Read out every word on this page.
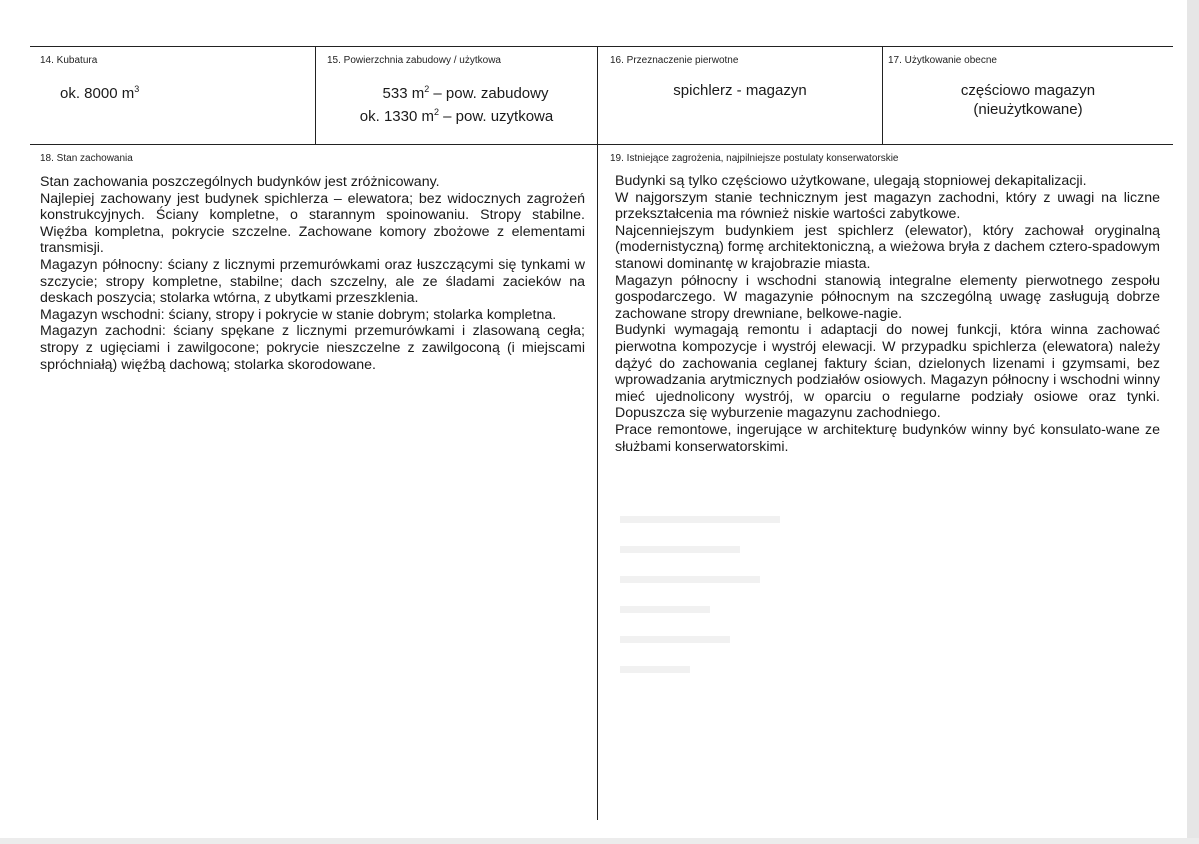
14. Kubatura
ok. 8000 $m^3$
15. Powierzchnia zabudowy / użytkowa
533 $m^2$ – pow. zabudowy
ok. 1330 $m^2$ – pow. uzytkowa
16. Przeznaczenie pierwotne
spichlerz - magazyn
17. Użytkowanie obecne
częściowo magazyn
(nieużytkowane)
18. Stan zachowania

Stan zachowania poszczególnych budynków jest zróżnicowany.

Najlepiej zachowany jest budynek spichlerza – elewatora; bez widocznych zagrożeń konstrukcyjnych. Ściany kompletne, o starannym spoinowaniu. Stropy stabilne. Więźba kompletna, pokrycie szczelne. Zachowane komory zbożowe z elementami transmisji.

Magazyn północny: ściany z licznymi przemurówkami oraz łuszczącymi się tynkami w szczycie; stropy kompletne, stabilne; dach szczelny, ale ze śladami zacieków na deskach poszycia; stolarka wtórna, z ubytkami przeszklenia.

Magazyn wschodni: ściany, stropy i pokrycie w stanie dobrym; stolarka kompletna.

Magazyn zachodni: ściany spękane z licznymi przemurówkami i zlasowaną cegła; stropy z ugięciami i zawilgocone; pokrycie nieszczelne z zawilgoconą (i miejscami spróchniałą) więźbą dachową; stolarka skorodowane.

19. Istniejące zagrożenia, najpilniejsze postulaty konserwatorskie

Budynki są tylko częściowo użytkowane, ulegają stopniowej dekapitalizacji.

W najgorszym stanie technicznym jest magazyn zachodni, który z uwagi na liczne przekształcenia ma również niskie wartości zabytkowe.

Najcenniejszym budynkiem jest spichlerz (elewator), który zachował oryginalną (modernistyczną) formę architektoniczną, a wieżowa bryła z dachem cztero-spadowym stanowi dominantę w krajobrazie miasta.

Magazyn północny i wschodni stanowią integralne elementy pierwotnego zespołu gospodarczego. W magazynie północnym na szczególną uwagę zasługują dobrze zachowane stropy drewniane, belkowe-nagie.

Budynki wymagają remontu i adaptacji do nowej funkcji, która winna zachować pierwotna kompozycje i wystrój elewacji. W przypadku spichlerza (elewatora) należy dążyć do zachowania ceglanej faktury ścian, dzielonych lizenami i gzymsami, bez wprowadzania arytmicznych podziałów osiowych. Magazyn północny i wschodni winny mieć ujednolicony wystrój, w oparciu o regularne podziały osiowe oraz tynki. Dopuszcza się wyburzenie magazynu zachodniego.

Prace remontowe, ingerujące w architekturę budynków winny być konsulato-wane ze służbami konserwatorskimi.
